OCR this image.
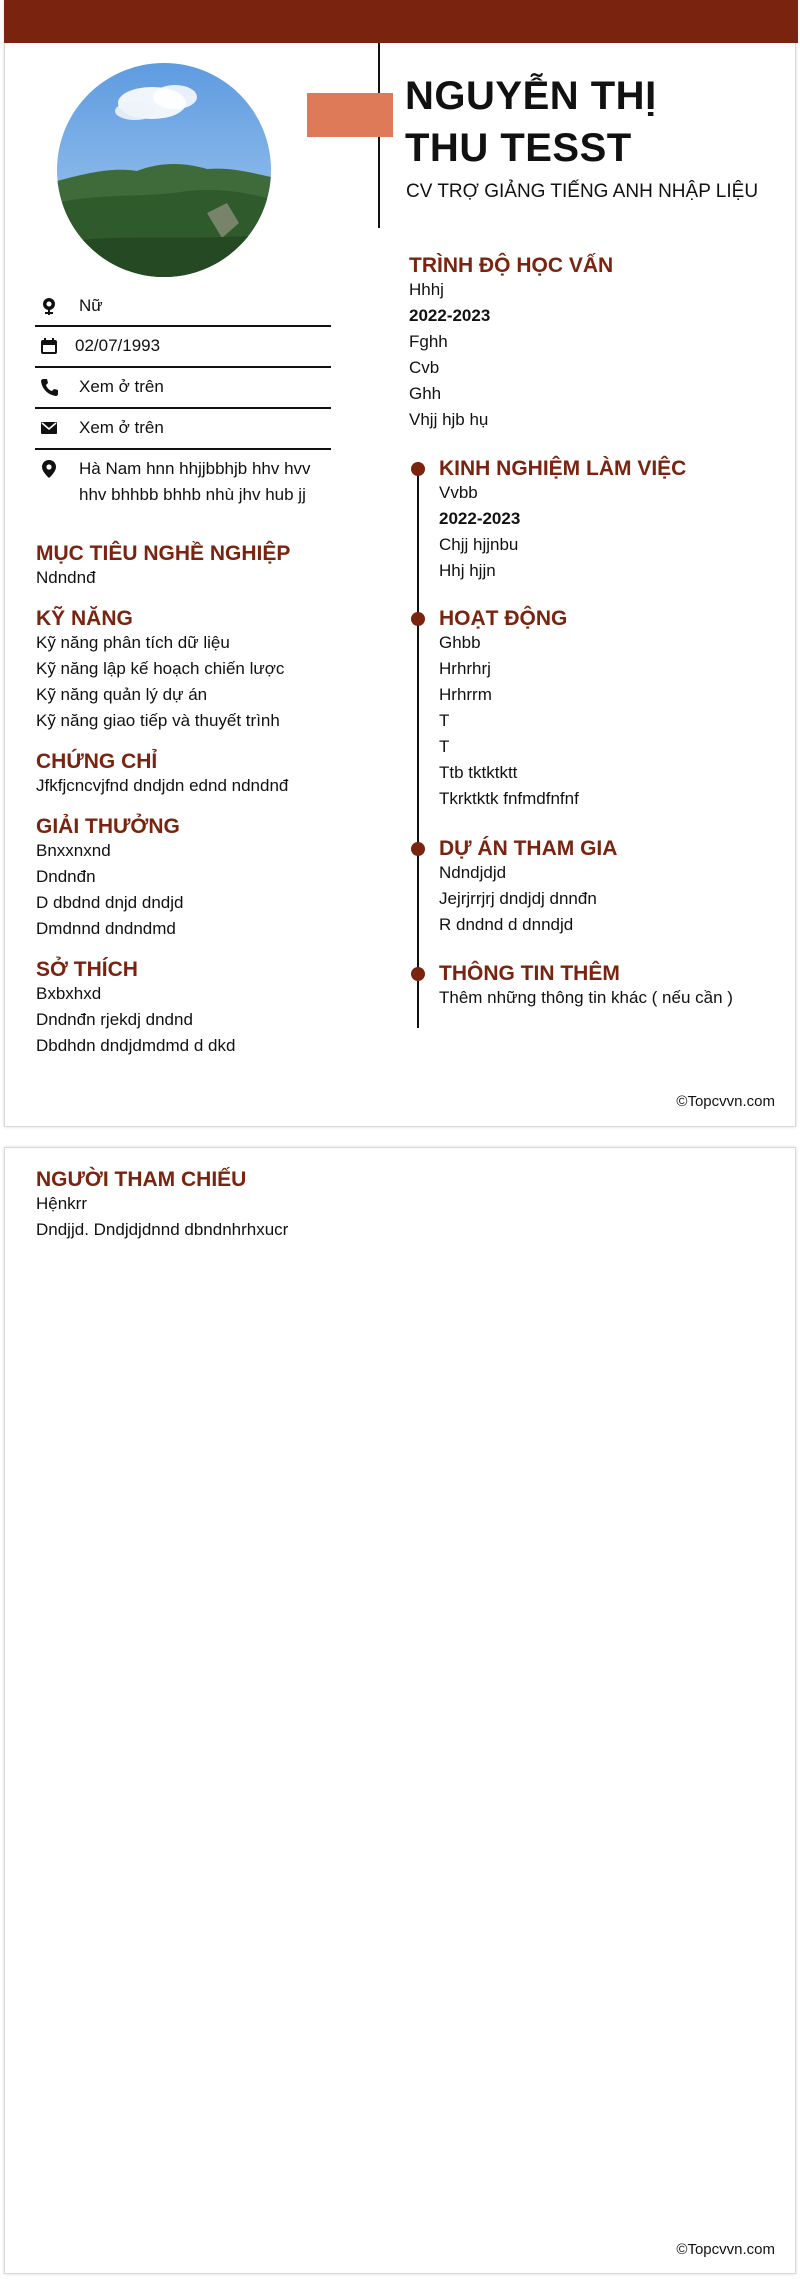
NGUYỄN THỊ
THU TESST
CV TRỢ GIẢNG TIẾNG ANH NHẬP LIỆU
Nữ
02/07/1993
Xem ở trên
Xem ở trên
Hà Nam hnn hhjjbbhjb hhv hvv
hhv bhhbb bhhb nhù jhv hub jj
MỤC TIÊU NGHỀ NGHIỆP
Ndndnđ
KỸ NĂNG
Kỹ năng phân tích dữ liệu
Kỹ năng lập kế hoạch chiến lược
Kỹ năng quản lý dự án
Kỹ năng giao tiếp và thuyết trình
CHỨNG CHỈ
Jfkfjcncvjfnd dndjdn ednd ndndnđ
GIẢI THƯỞNG
Bnxxnxnd
Dndnđn
D dbdnd dnjd dndjd
Dmdnnd dndndmd
SỞ THÍCH
Bxbxhxd
Dndnđn rjekdj dndnd
Dbdhdn dndjdmdmd d dkd
TRÌNH ĐỘ HỌC VẤN
Hhhj
2022-2023
Fghh
Cvb
Ghh
Vhjj hjb hụ
KINH NGHIỆM LÀM VIỆC
Vvbb
2022-2023
Chjj hjjnbu
Hhj hjjn
HOẠT ĐỘNG
Ghbb
Hrhrhrj
Hrhrrm
T
T
Ttb tktktktt
Tkrktktk fnfmdfnfnf
DỰ ÁN THAM GIA
Ndndjdjd
Jejrjrrjrj dndjdj dnnđn
R dndnd d dnndjd
THÔNG TIN THÊM
Thêm những thông tin khác ( nếu cần )
©Topcvvn.com
NGƯỜI THAM CHIẾU
Hệnkrr
Dndjjd. Dndjdjdnnd dbndnhrhxucr
©Topcvvn.com
